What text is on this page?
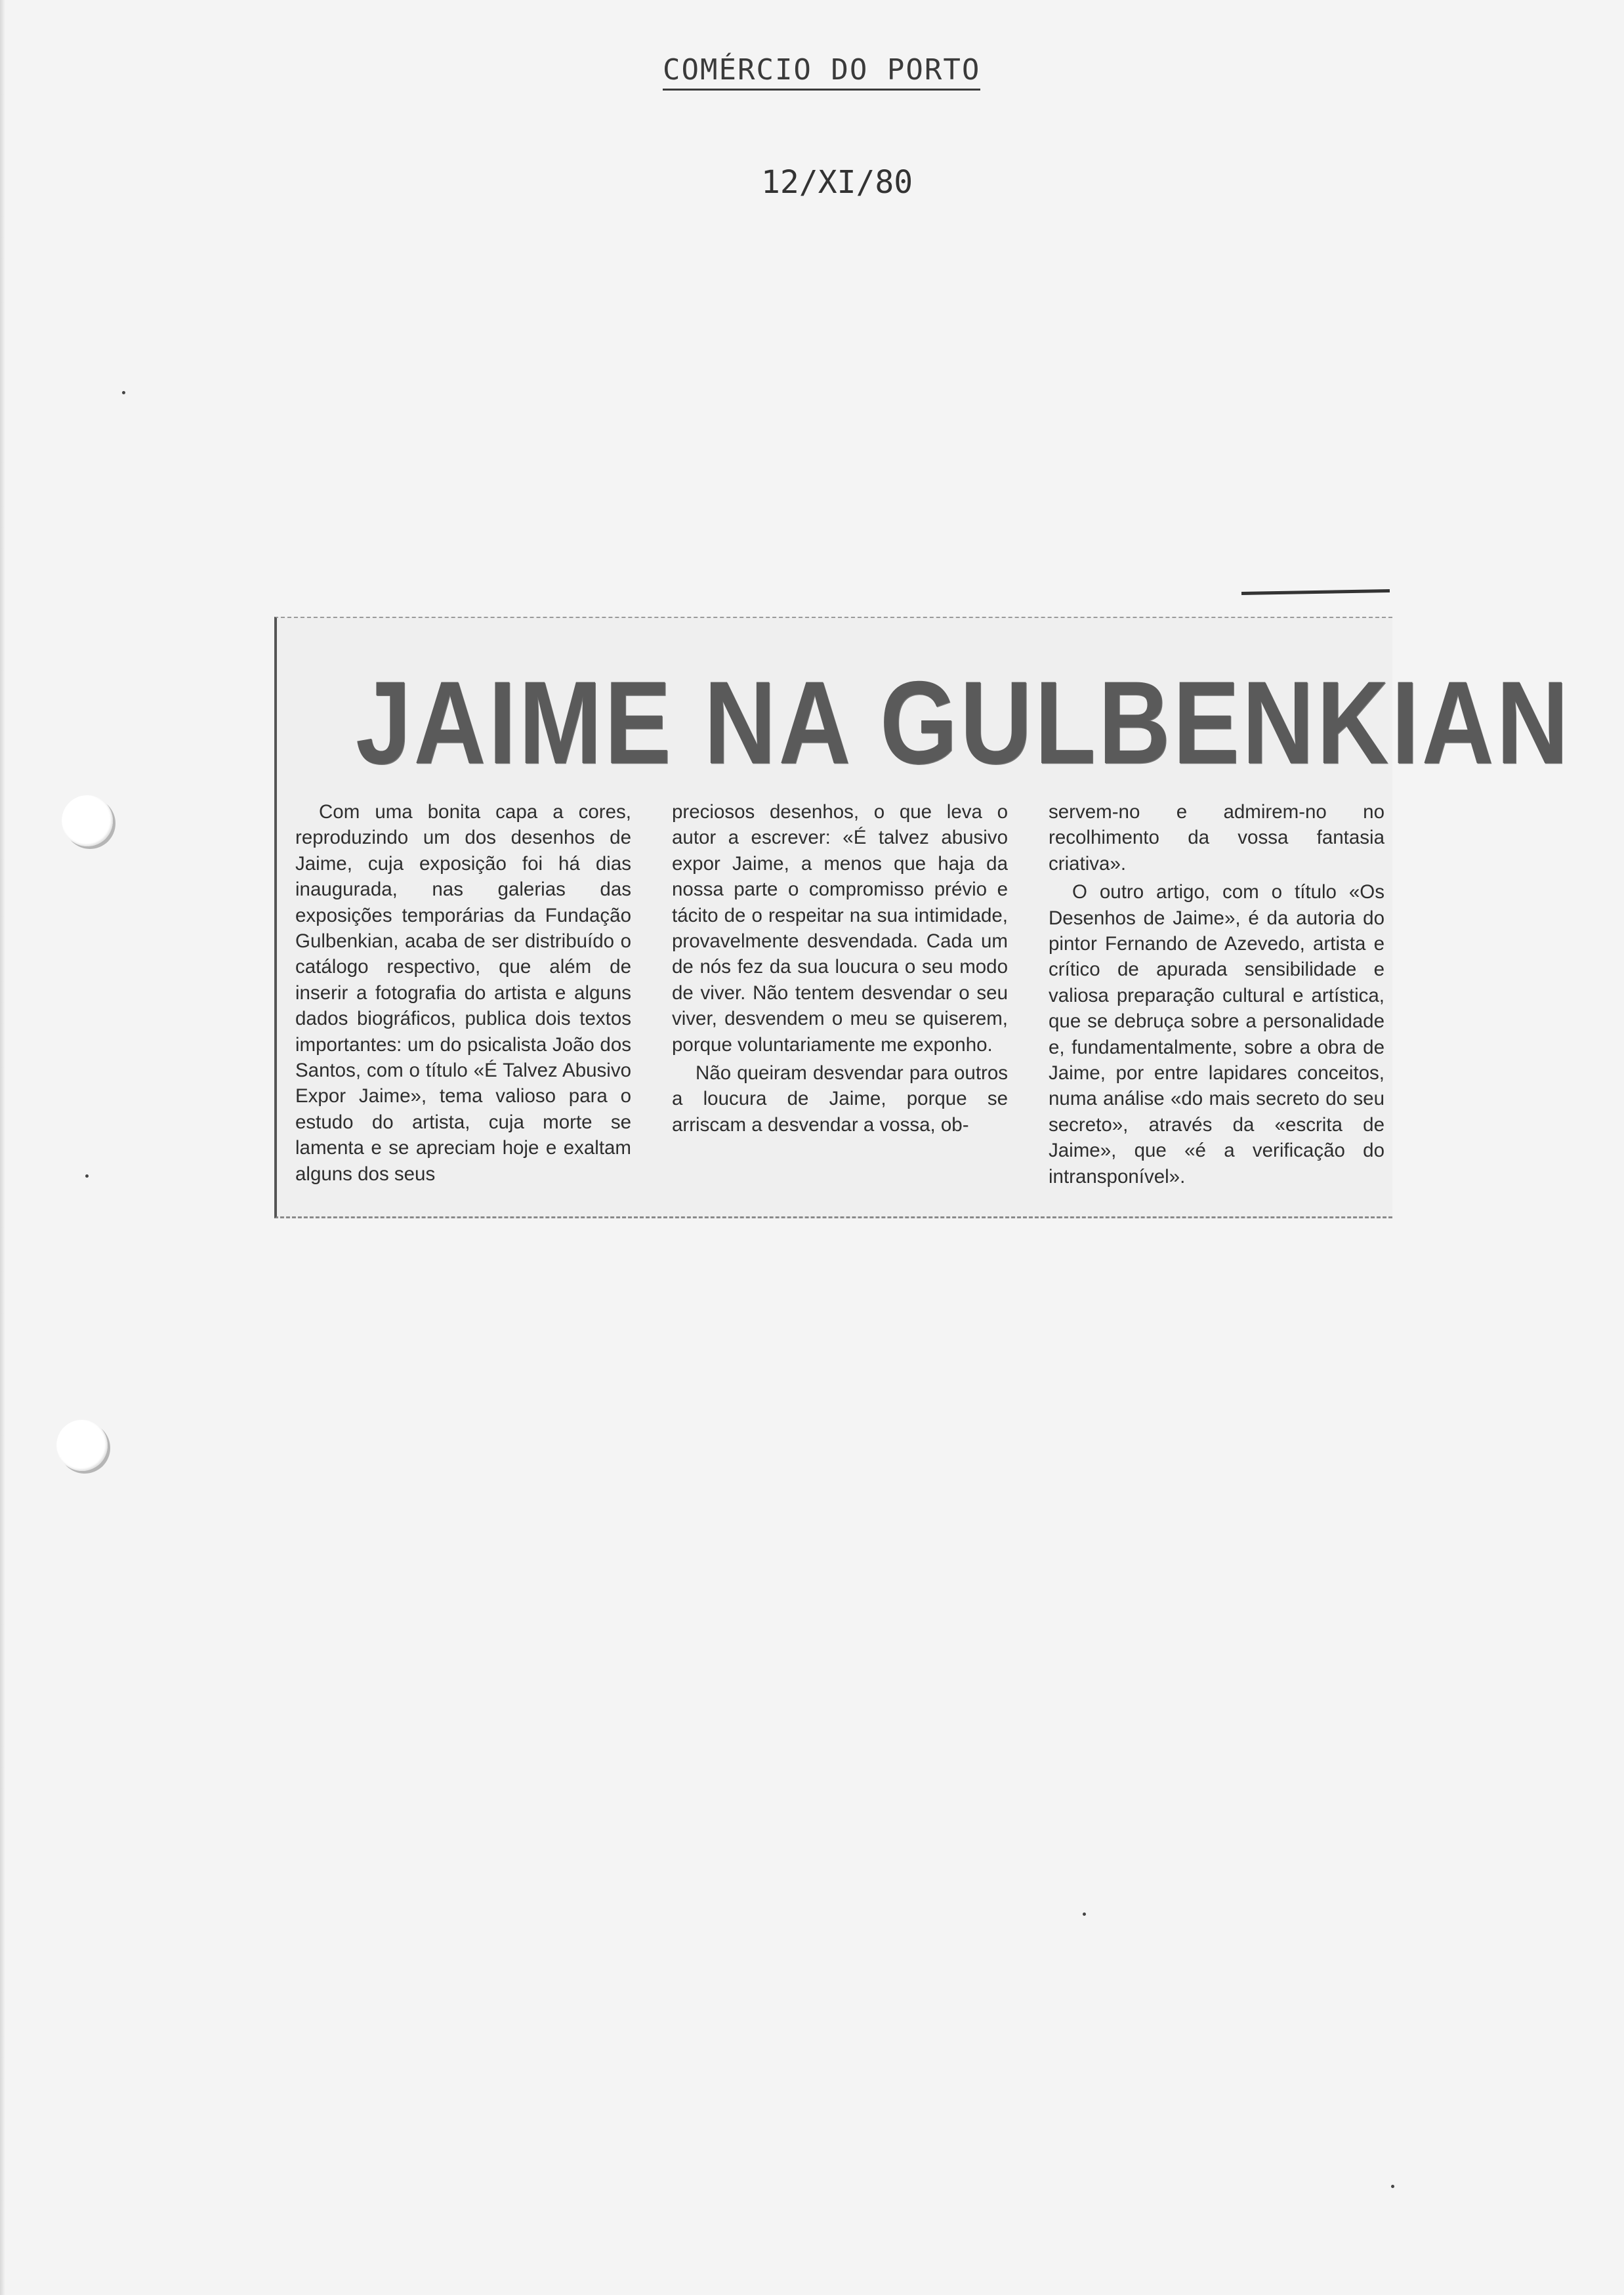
COMÉRCIO DO PORTO
12/XI/80
JAIME NA GULBENKIAN

Com uma bonita capa a cores, reproduzindo um dos desenhos de Jaime, cuja exposição foi há dias inaugurada, nas galerias das exposições temporárias da Fundação Gulbenkian, acaba de ser distribuído o catálogo respectivo, que além de inserir a fotografia do artista e alguns dados biográficos, publica dois textos importantes: um do psicalista João dos Santos, com o título «É Talvez Abusivo Expor Jaime», tema valioso para o estudo do artista, cuja morte se lamenta e se apreciam hoje e exaltam alguns dos seus

preciosos desenhos, o que leva o autor a escrever: «É talvez abusivo expor Jaime, a menos que haja da nossa parte o compromisso prévio e tácito de o respeitar na sua intimidade, provavelmente desvendada. Cada um de nós fez da sua loucura o seu modo de viver. Não tentem desvendar o seu viver, desvendem o meu se quiserem, porque voluntariamente me exponho.

Não queiram desvendar para outros a loucura de Jaime, porque se arriscam a desvendar a vossa, ob-

servem-no e admirem-no no recolhimento da vossa fantasia criativa».

O outro artigo, com o título «Os Desenhos de Jaime», é da autoria do pintor Fernando de Azevedo, artista e crítico de apurada sensibilidade e valiosa preparação cultural e artística, que se debruça sobre a personalidade e, fundamentalmente, sobre a obra de Jaime, por entre lapidares conceitos, numa análise «do mais secreto do seu secreto», através da «escrita de Jaime», que «é a verificação do intransponível».
